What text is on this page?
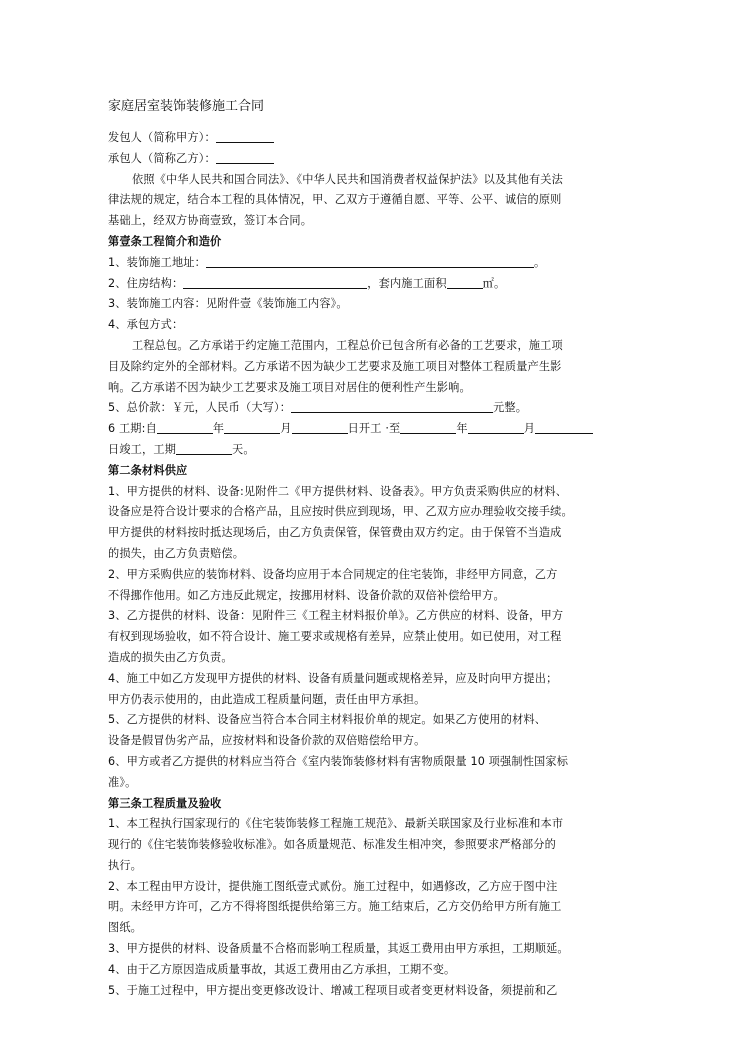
家庭居室装饰装修施工合同
发包人（简称甲方）：
承包人（简称乙方）：
依照《中华人民共和国合同法》、《中华人民共和国消费者权益保护法》以及其他有关法
律法规的规定，结合本工程的具体情况，甲、乙双方于遵循自愿、平等、公平、诚信的原则
基础上，经双方协商壹致，签订本合同。
第壹条工程简介和造价
1、装饰施工地址：	。
2、住房结构：	，套内施工面积	㎡。
3、装饰施工内容：见附件壹《装饰施工内容》。
4、承包方式：
工程总包。乙方承诺于约定施工范围内，工程总价已包含所有必备的工艺要求，施工项
目及除约定外的全部材料。乙方承诺不因为缺少工艺要求及施工项目对整体工程质量产生影
响。乙方承诺不因为缺少工艺要求及施工项目对居住的便利性产生影响。
5、总价款：￥元，人民币（大写）：	元整。
6 工期:自	年	月	日开工 ·至	年	月
日竣工，工期	天。
第二条材料供应
1、甲方提供的材料、设备:见附件二《甲方提供材料、设备表》。甲方负责采购供应的材料、
设备应是符合设计要求的合格产品，且应按时供应到现场，甲、乙双方应办理验收交接手续。
甲方提供的材料按时抵达现场后，由乙方负责保管，保管费由双方约定。由于保管不当造成
的损失，由乙方负责赔偿。
2、甲方采购供应的装饰材料、设备均应用于本合同规定的住宅装饰，非经甲方同意，乙方
不得挪作他用。如乙方违反此规定，按挪用材料、设备价款的双倍补偿给甲方。
3、乙方提供的材料、设备：见附件三《工程主材料报价单》。乙方供应的材料、设备，甲方
有权到现场验收，如不符合设计、施工要求或规格有差异，应禁止使用。如已使用，对工程
造成的损失由乙方负责。
4、施工中如乙方发现甲方提供的材料、设备有质量问题或规格差异，应及时向甲方提出；
甲方仍表示使用的，由此造成工程质量问题，责任由甲方承担。
5、乙方提供的材料、设备应当符合本合同主材料报价单的规定。如果乙方使用的材料、
设备是假冒伪劣产品，应按材料和设备价款的双倍赔偿给甲方。
6、甲方或者乙方提供的材料应当符合《室内装饰装修材料有害物质限量 10 项强制性国家标
准》。
第三条工程质量及验收
1、本工程执行国家现行的《住宅装饰装修工程施工规范》、最新关联国家及行业标准和本市
现行的《住宅装饰装修验收标准》。如各质量规范、标准发生相冲突，参照要求严格部分的
执行。
2、本工程由甲方设计，提供施工图纸壹式贰份。施工过程中，如遇修改，乙方应于图中注
明。未经甲方许可，乙方不得将图纸提供给第三方。施工结束后，乙方交仍给甲方所有施工
图纸。
3、甲方提供的材料、设备质量不合格而影响工程质量，其返工费用由甲方承担，工期顺延。
4、由于乙方原因造成质量事故，其返工费用由乙方承担，工期不变。
5、于施工过程中，甲方提出变更修改设计、增减工程项目或者变更材料设备，须提前和乙
